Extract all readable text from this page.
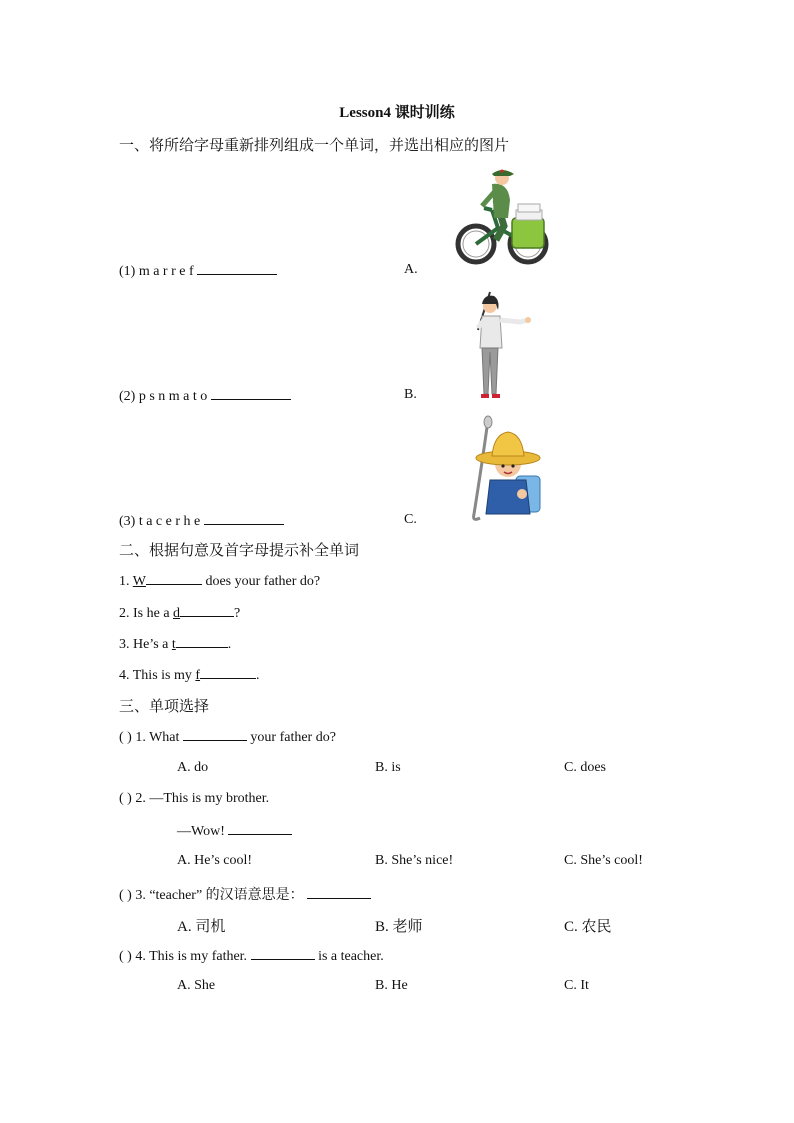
Lesson4 课时训练
一、将所给字母重新排列组成一个单词，并选出相应的图片
(1) m a r r e f	A.
(2) p s n m a t o	B.
(3) t a c e r h e	C.
二、根据句意及首字母提示补全单词
1. W	does your father do?
2. Is he a d	?
3. He’s a t	.
4. This is my f	.
三、单项选择
( ) 1. What	your father do?
A. do	B. is	C. does
( ) 2. —This is my brother.
—Wow!
A. He’s cool!	B. She’s nice!	C. She’s cool!
( ) 3. “teacher” 的汉语意思是：
A. 司机	B. 老师	C. 农民
( ) 4. This is my father.	is a teacher.
A. She	B. He	C. It
